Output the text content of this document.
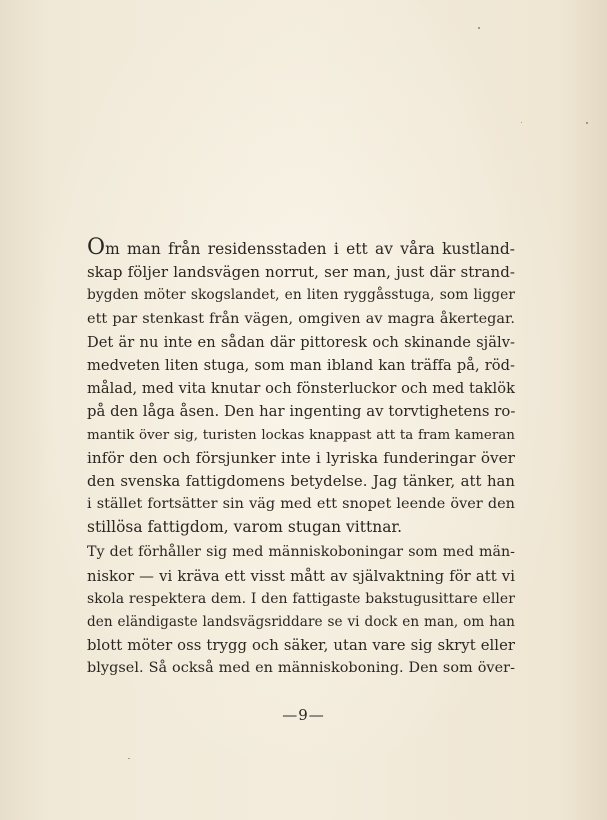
Om man från residensstaden i ett av våra kustland-
skap följer landsvägen norrut, ser man, just där strand-
bygden möter skogslandet, en liten ryggåsstuga, som ligger
ett par stenkast från vägen, omgiven av magra åkertegar.
Det är nu inte en sådan där pittoresk och skinande själv-
medveten liten stuga, som man ibland kan träffa på, röd-
målad, med vita knutar och fönsterluckor och med taklök
på den låga åsen. Den har ingenting av torvtighetens ro-
mantik över sig, turisten lockas knappast att ta fram kameran
inför den och försjunker inte i lyriska funderingar över
den svenska fattigdomens betydelse. Jag tänker, att han
i stället fortsätter sin väg med ett snopet leende över den
stillösa fattigdom, varom stugan vittnar.
Ty det förhåller sig med människoboningar som med män-
niskor — vi kräva ett visst mått av självaktning för att vi
skola respektera dem. I den fattigaste bakstugusittare eller
den eländigaste landsvägsriddare se vi dock en man, om han
blott möter oss trygg och säker, utan vare sig skryt eller
blygsel. Så också med en människoboning. Den som över-
—9—
